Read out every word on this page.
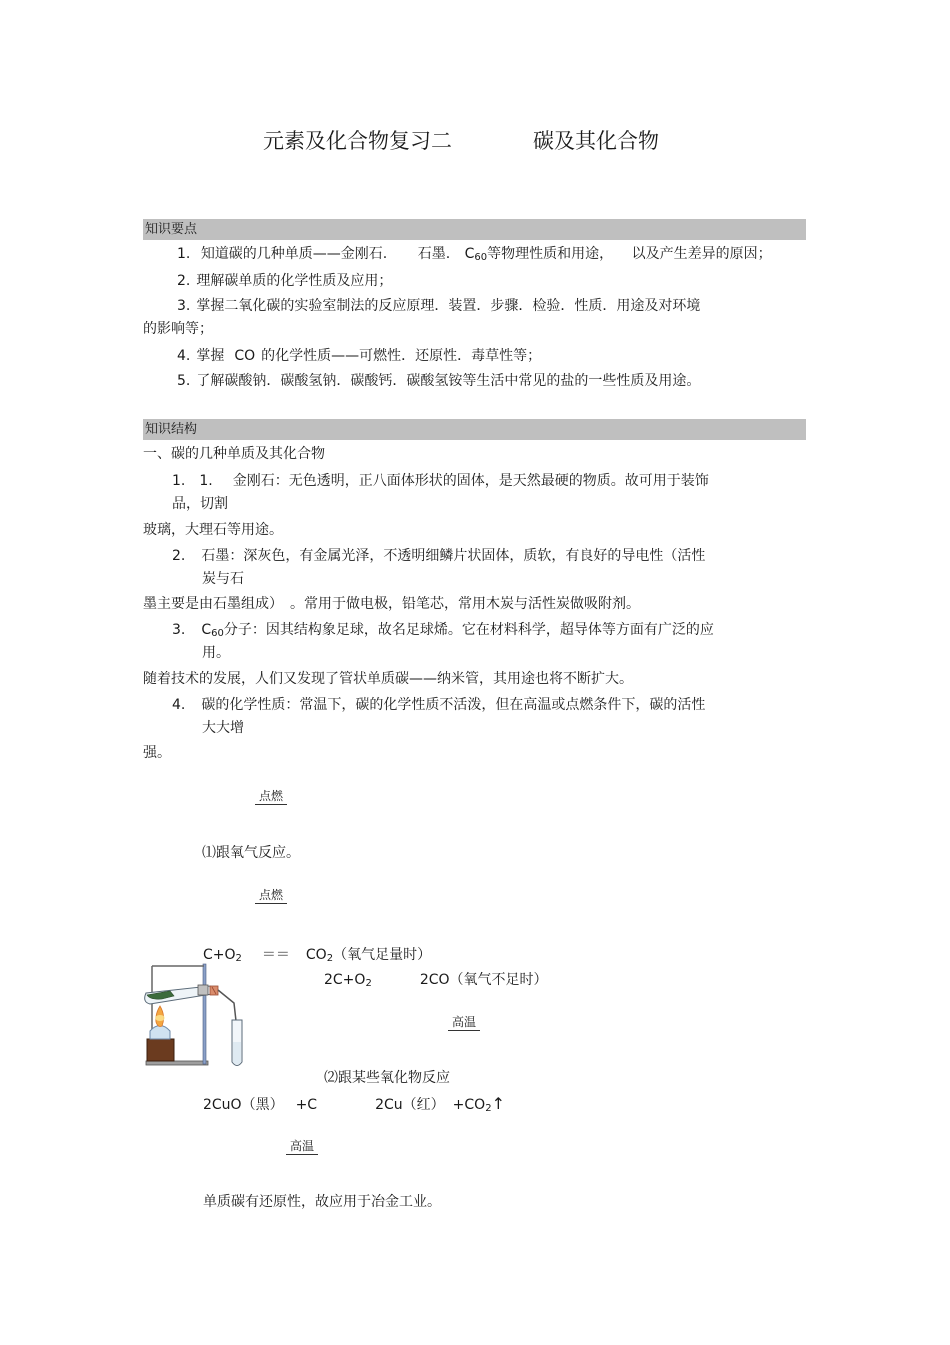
元素及化合物复习二	碳及其化合物
知识要点
1. 知道碳的几种单质——金刚石. 石墨. $C_{60}$等物理性质和用途， 以及产生差异的原因；
2. 理解碳单质的化学性质及应用；
3. 掌握二氧化碳的实验室制法的反应原理．装置．步骤．检验．性质．用途及对环境
的影响等；
4. 掌握 CO 的化学性质——可燃性．还原性．毒草性等；
5. 了解碳酸钠．碳酸氢钠．碳酸钙．碳酸氢铵等生活中常见的盐的一些性质及用途。
知识结构
一、碳的几种单质及其化合物
1. 1. 金刚石：无色透明，正八面体形状的固体，是天然最硬的物质。故可用于装饰
品，切割
玻璃，大理石等用途。
2. 石墨：深灰色，有金属光泽，不透明细鳞片状固体，质软，有良好的导电性（活性
炭与石
墨主要是由石墨组成）　。常用于做电极，铅笔芯，常用木炭与活性炭做吸附剂。
3. $C_{60}$分子：因其结构象足球，故名足球烯。它在材料科学，超导体等方面有广泛的应
用。
随着技术的发展，人们又发现了管状单质碳——纳米管，其用途也将不断扩大。
4. 碳的化学性质：常温下，碳的化学性质不活泼，但在高温或点燃条件下，碳的活性
大大增
强。
点燃
⑴跟氧气反应。
点燃
$C+O_2 == CO_2$（氧气足量时）
$2C+O_2$	2CO（氧气不足时）
高温
⑵跟某些氧化物反应
2CuO（黑） +C	2Cu（红） $+CO_2↑$
高温
单质碳有还原性，故应用于冶金工业。
